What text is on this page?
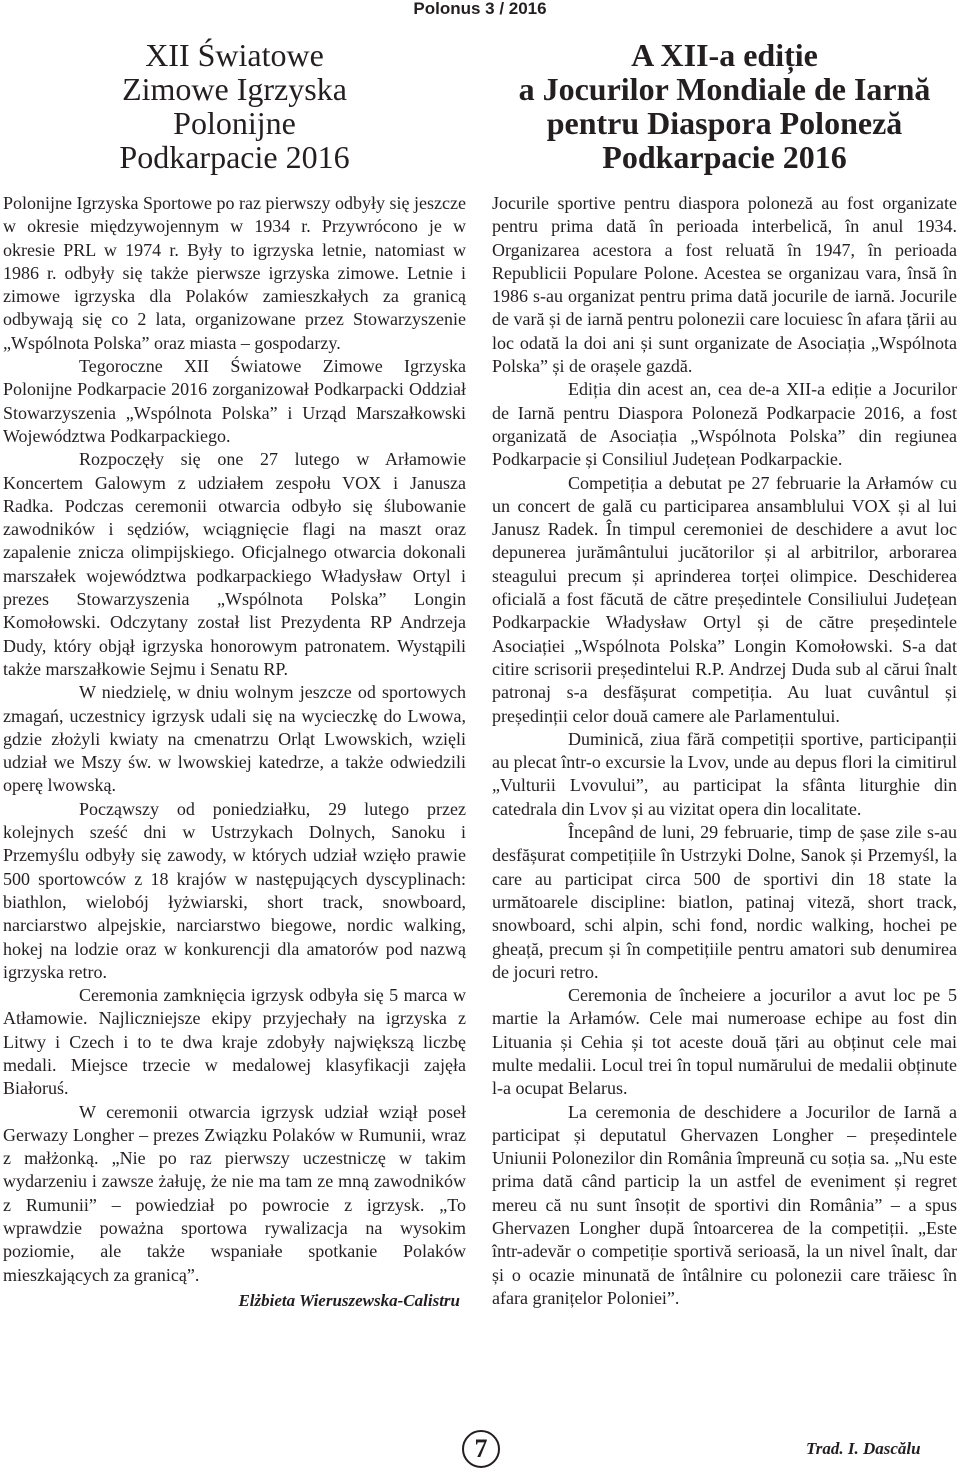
Polonus 3 / 2016
XII Światowe
Zimowe Igrzyska
Polonijne
Podkarpacie 2016

Polonijne Igrzyska Sportowe po raz pierwszy odbyły się jeszcze w okresie międzywojennym w 1934 r. Przywrócono je w okresie PRL w 1974 r. Były to igrzyska letnie, natomiast w 1986 r. odbyły się także pierwsze igrzyska zimowe. Letnie i zimowe igrzyska dla Polaków zamieszkałych za granicą odbywają się co 2 lata, organizowane przez Stowarzyszenie „Wspólnota Polska” oraz miasta – gospodarzy.

Tegoroczne XII Światowe Zimowe Igrzyska Polonijne Podkarpacie 2016 zorganizował Podkarpacki Oddział Stowarzyszenia „Wspólnota Polska” i Urząd Marszałkowski Województwa Podkarpackiego.

Rozpoczęły się one 27 lutego w Arłamowie Koncertem Galowym z udziałem zespołu VOX i Janusza Radka. Podczas ceremonii otwarcia odbyło się ślubowanie zawodników i sędziów, wciągnięcie flagi na maszt oraz zapalenie znicza olimpijskiego. Oficjalnego otwarcia dokonali marszałek województwa podkarpackiego Władysław Ortyl i prezes Stowarzyszenia „Wspólnota Polska” Longin Komołowski. Odczytany został list Prezydenta RP Andrzeja Dudy, który objął igrzyska honorowym patronatem. Wystąpili także marszałkowie Sejmu i Senatu RP.

W niedzielę, w dniu wolnym jeszcze od sportowych zmagań, uczestnicy igrzysk udali się na wycieczkę do Lwowa, gdzie złożyli kwiaty na cmenatrzu Orląt Lwowskich, wzięli udział we Mszy św. w lwowskiej katedrze, a także odwiedzili operę lwowską.

Począwszy od poniedziałku, 29 lutego przez kolejnych sześć dni w Ustrzykach Dolnych, Sanoku i Przemyślu odbyły się zawody, w których udział wzięło prawie 500 sportowców z 18 krajów w następujących dyscyplinach: biathlon, wielobój łyżwiarski, short track, snowboard, narciarstwo alpejskie, narciarstwo biegowe, nordic walking, hokej na lodzie oraz w konkurencji dla amatorów pod nazwą igrzyska retro.

Ceremonia zamknięcia igrzysk odbyła się 5 marca w Atłamowie. Najliczniejsze ekipy przyjechały na igrzyska z Litwy i Czech i to te dwa kraje zdobyły największą liczbę medali. Miejsce trzecie w medalowej klasyfikacji zajęła Białoruś.

W ceremonii otwarcia igrzysk udział wziął poseł Gerwazy Longher – prezes Związku Polaków w Rumunii, wraz z małżonką. „Nie po raz pierwszy uczestniczę w takim wydarzeniu i zawsze żałuję, że nie ma tam ze mną zawodników z Rumunii” – powiedział po powrocie z igrzysk. „To wprawdzie poważna sportowa rywalizacja na wysokim poziomie, ale także wspaniałe spotkanie Polaków mieszkających za granicą”.

Elżbieta Wieruszewska-Calistru
A XII-a ediție
a Jocurilor Mondiale de Iarnă
pentru Diaspora Poloneză
Podkarpacie 2016

Jocurile sportive pentru diaspora poloneză au fost organizate pentru prima dată în perioada interbelică, în anul 1934. Organizarea acestora a fost reluată în 1947, în perioada Republicii Populare Polone. Acestea se organizau vara, însă în 1986 s-au organizat pentru prima dată jocurile de iarnă. Jocurile de vară și de iarnă pentru polonezii care locuiesc în afara țării au loc odată la doi ani și sunt organizate de Asociația „Wspólnota Polska” și de orașele gazdă.

Ediția din acest an, cea de-a XII-a ediție a Jocurilor de Iarnă pentru Diaspora Poloneză Podkarpacie 2016, a fost organizată de Asociația „Wspólnota Polska” din regiunea Podkarpacie și Consiliul Județean Podkarpackie.

Competiția a debutat pe 27 februarie la Arłamów cu un concert de gală cu participarea ansamblului VOX și al lui Janusz Radek. În timpul ceremoniei de deschidere a avut loc depunerea jurământului jucătorilor și al arbitrilor, arborarea steagului precum și aprinderea torței olimpice. Deschiderea oficială a fost făcută de către președintele Consiliului Județean Podkarpackie Władysław Ortyl și de către președintele Asociației „Wspólnota Polska” Longin Komołowski. S-a dat citire scrisorii președintelui R.P. Andrzej Duda sub al cărui înalt patronaj s-a desfășurat competiția. Au luat cuvântul și președinții celor două camere ale Parlamentului.

Duminică, ziua fără competiții sportive, participanții au plecat într-o excursie la Lvov, unde au depus flori la cimitirul „Vulturii Lvovului”, au participat la sfânta liturghie din catedrala din Lvov și au vizitat opera din localitate.

Începând de luni, 29 februarie, timp de șase zile s-au desfășurat competițiile în Ustrzyki Dolne, Sanok și Przemyśl, la care au participat circa 500 de sportivi din 18 state la următoarele discipline: biatlon, patinaj viteză, short track, snowboard, schi alpin, schi fond, nordic walking, hochei pe gheață, precum și în competițiile pentru amatori sub denumirea de jocuri retro.

Ceremonia de încheiere a jocurilor a avut loc pe 5 martie la Arłamów. Cele mai numeroase echipe au fost din Lituania și Cehia și tot aceste două țări au obținut cele mai multe medalii. Locul trei în topul numărului de medalii obținute l-a ocupat Belarus.

La ceremonia de deschidere a Jocurilor de Iarnă a participat și deputatul Ghervazen Longher – președintele Uniunii Polonezilor din România împreună cu soția sa. „Nu este prima dată când particip la un astfel de eveniment și regret mereu că nu sunt însoțit de sportivi din România” – a spus Ghervazen Longher după întoarcerea de la competiții. „Este într-adevăr o competiție sportivă serioasă, la un nivel înalt, dar și o ocazie minunată de întâlnire cu polonezii care trăiesc în afara granițelor Poloniei”.

Trad. I. Dascălu
7
